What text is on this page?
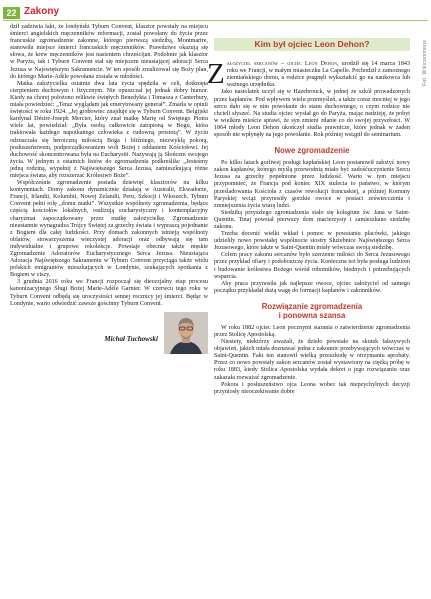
22 Zakony

dził zadziwia fakt, że londyński Tyburn Convent, klasztor powstały na miejscu śmierci angielskich męczenników reformacji, został powołany do życia przez francuskie zgromadzenie zakonne, którego pierwszą siedzibą, Montmartre, stanowiła miejsce śmierci francuskich męczenników. Prawdziwe okazują się słowa, że krew męczenników jest nasieniem chrześcijan. Podobnie jak klasztor w Paryżu, tak i Tyburn Convent stał się miejscem nieustającej adoracji Serca Jezusa w Najświętszym Sakramencie. W ten sposób zrealizował się Boży plan, do którego Marie-Adèle powołana została w młodości.

Matka założycielka ostatnie dwa lata życia spędziła w celi, dotknięta cierpieniem duchowym i fizycznym. Nie opuszczał jej jednak dobry humor. Kiedy na chorej położono relikwie świętych Benedykta i Tomasza z Canterbury, miała powiedzieć: „Teraz wyglądam jak emerytowany generał”. Zmarła w opinii świętości w roku 1924. „Jej grobowiec znajduje się w Tyburn Convent. Belgijski kardynał Désiré-Joseph Mercier, który znał matkę Marię od Świętego Piotra wiele lat, powiedział: „Była osobą całkowicie zatopioną w Bogu, która traktowała każdego napotkanego człowieka z cudowną prostotą”. W życiu odznaczała się heroiczną miłością Boga i bliźniego, niezwykłą pokorą, posłuszeństwem, podporządkowaniem woli Bożej i oddaniem Kościołowi. Jej duchowość skoncentrowana była na Eucharystii. Nazywają ją Słońcem swojego życia. W jednym z ostatnich listów do zgromadzenia podkreśliła: „Jesteśmy jedną rodziną, wypełnij z Najświętszego Serca Jezusa, zamieszkującą różne miejsca świata, aby rozszerzać Królestwo Boże”.

Współcześnie zgromadzenie posiada dziewięć klasztorów na kilku kontynentach. Domy zakonu dynamicznie działają w Australii, Ekwadorze, Francji, Irlandii, Kolumbii, Nowej Zelandii, Peru, Szkocji i Włoszech. Tyburn Convent pełni rolę „domu matki”. Wszystkie wspólnoty zgromadzenia, będące częścią kościołów lokalnych, realizują eucharystyczny i kontemplacyjny charyzmat zapoczątkowany przez matkę założycielkę. Zgromadzenie nieustannie wynagradza Trójcy Świętej za grzechy świata i wypraszą pojednanie z Bogiem dla całej ludzkości. Przy domach zakonnych istnieją wspólnoty oblatów, stowarzyszenia wieczystej adoracji oraz odbywają się tam indywidualne i grupowe rekolekcje. Powstaje obecnie także męskie Zgromadzenie Adoratorów Eucharystycznego Serca Jezusa. Nieustająca Adoracja Najświętszego Sakramentu w Tyburn Convent przyciąga także wielu polskich emigrantów mieszkających w Londynie, szukających spotkania z Bogiem w ciszy.

3 grudnia 2016 roku we Francji rozpoczął się diecezjalny etap procesu kanonizacyjnego Sługi Bożej Marie-Adèle Garnier. W czerwcu tego roku w Tyburn Convent odbędą się uroczystości sennej rocznicy jej śmierci. Będąc w Londynie, warto odwiedzić zawsze gościnny Tyburn Convent.

Michał Tuchowski
Kim był ojciec Leon Dehon?

Założyciel sercanów – ojciec Leon Dehon, urodził się 14 marca 1843 roku we Francji, w małym miasteczku La Capelle. Pochodził z zamożnego ziemiańskiego domu, a rodzice pragnęli wykształcić go na naukowca lub ważnego urzędnika.

Jako nastolatek uczył się w Hazebrouck, w jednej ze szkół prowadzonych przez kapłanów. Pod wpływem wielu przemyśleń, a także coraz mocniej w jego sercu dało się w nim powołanie do stanu duchownego, o czym rodzice nie chcieli słyszeć. Na studia ojciec wysłał go do Paryża, mając nadzieję, że pobyt w wielkim mieście sprawi, że syn zmieni zdanie co do swojej przyszłości. W 1864 młody Leon Dehon ukończył studia prawnicze, które jednak w żaden sposób nie wpłynęły na jego powołanie. Rok później wstąpił do seminarium.

Nowe zgromadzenie

Po kilku latach gorliwej posługi kapłańskiej Leon postanowił założyć nowy zakon kapłanów, którego myślą przewodnią miało być zadośćuczynienie Sercu Jezusa za grzechy popełnione przez ludzkość. Warto w tym miejscu przypomnieć, że Francja pod koniec XIX stulecia to państwo, w którym prześladowania Kościoła z czasów rewolucji francuskiej, a później Komuny Paryskiej wciąż przynosiły gorzkie owoce w postaci zeświecczenia i zmniejszenia życia wiarą ludzi.

Siedzibą przyszłego zgromadzenia stało się kolegium św. Jana w Saint-Quentin. Tutaj powstał pierwszy dom macierzysty i zamieszkano siedzibę zakonu.

Trzeba docenić wielki wkład i pomoc w powstaniu placówki, jakiego udzieliły nowo powstałej wspólnocie siostry Służebnice Najświętszego Serca Jezusowego, które także w Saint-Quentin miały wówczas swoją siedzibę.

Celem pracy zakonu sercanów było szerzenie miłości do Serca Jezusowego przez przykład ofiary i podoboszczę życia. Konieczna też była posługa ludziom i budowanie królestwa Bożego wśród robotników, biednych i potrzebujących wsparcia.

Aby praca przynosiła jak najlepsze owoce, ojciec założyciel od samego początku przykładał dużą wagę do formacji kapłanów i zakonników.

Rozwiązanie zgromadzenia
i ponowna szansa

W roku 1882 ojciec Leon pocznymi starania o zatwierdzenie zgromadzenia przez Stolicę Apostolską.

Niestety, niektórzy uważali, że dzieło powstało na skutek fałszywych objawień, jakich miała doznawać jedna z zakonnic przebywających wówczas w Saint-Quentin. Fakt ten stanowił wielką przeszkodę w otrzymaniu aprobaty. Przez co nowo powstały zakon sercanów został wystawiony na ciężką próbę w roku 1883, kiedy Stolica Apostolska wydała dekret o jego rozwiązaniu oraz zakazała rozważać zgromadzenie.

Pokora i posłuszeństwo ojca Leona wobec tak niepzychylnych decyzji przyniosły nieoczekiwanie dobre

Fot. Wikicommons
